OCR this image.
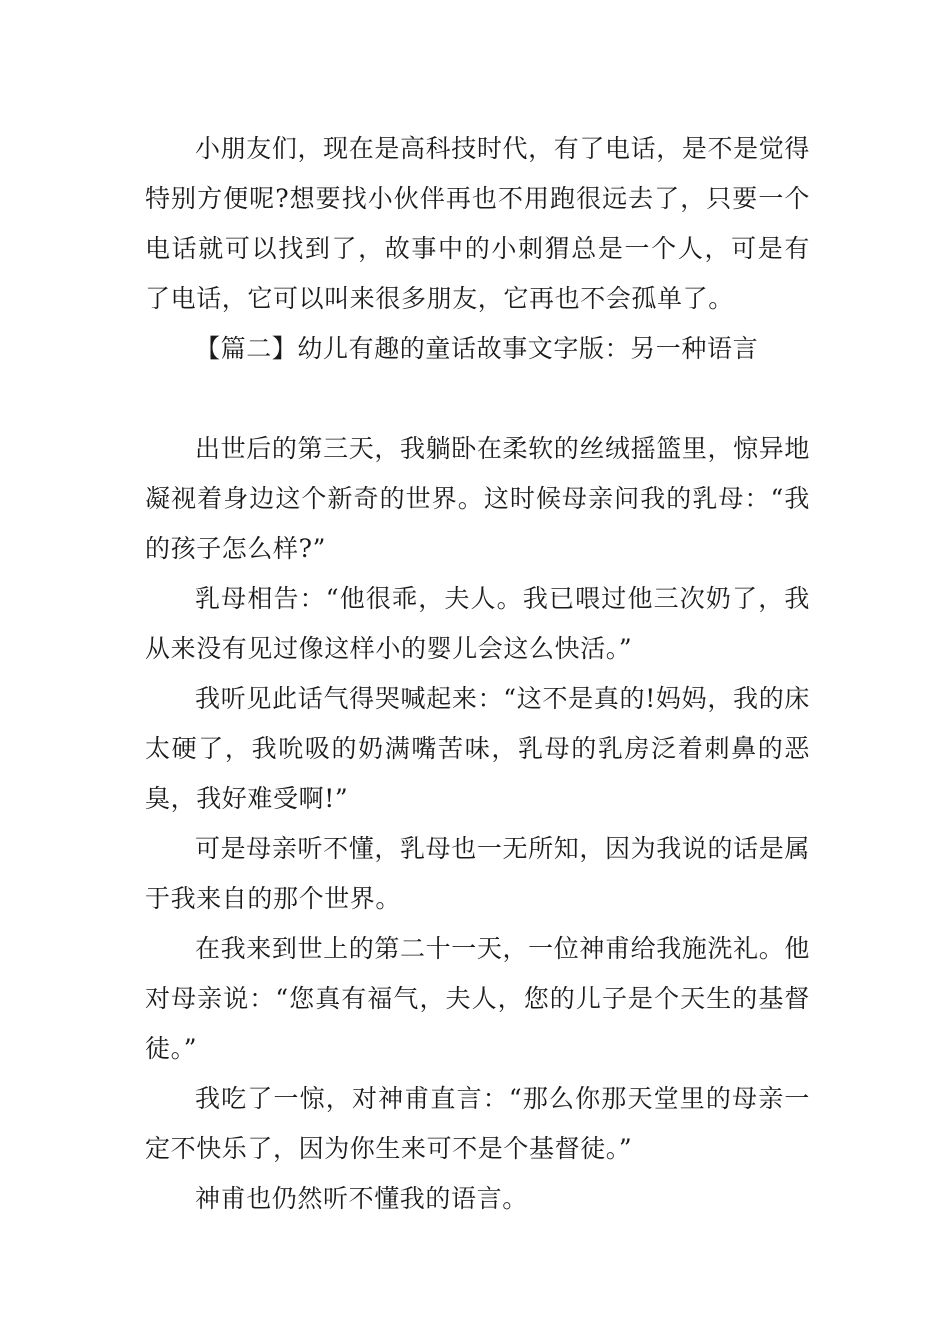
小朋友们，现在是高科技时代，有了电话，是不是觉得特别方便呢?想要找小伙伴再也不用跑很远去了，只要一个电话就可以找到了，故事中的小刺猬总是一个人，可是有了电话，它可以叫来很多朋友，它再也不会孤单了。

【篇二】幼儿有趣的童话故事文字版：另一种语言

出世后的第三天，我躺卧在柔软的丝绒摇篮里，惊异地凝视着身边这个新奇的世界。这时候母亲问我的乳母：“我的孩子怎么样?”

乳母相告：“他很乖，夫人。我已喂过他三次奶了，我从来没有见过像这样小的婴儿会这么快活。”

我听见此话气得哭喊起来：“这不是真的!妈妈，我的床太硬了，我吮吸的奶满嘴苦味，乳母的乳房泛着刺鼻的恶臭，我好难受啊!”

可是母亲听不懂，乳母也一无所知，因为我说的话是属于我来自的那个世界。

在我来到世上的第二十一天，一位神甫给我施洗礼。他对母亲说：“您真有福气，夫人，您的儿子是个天生的基督徒。”

我吃了一惊，对神甫直言：“那么你那天堂里的母亲一定不快乐了，因为你生来可不是个基督徒。”

神甫也仍然听不懂我的语言。
